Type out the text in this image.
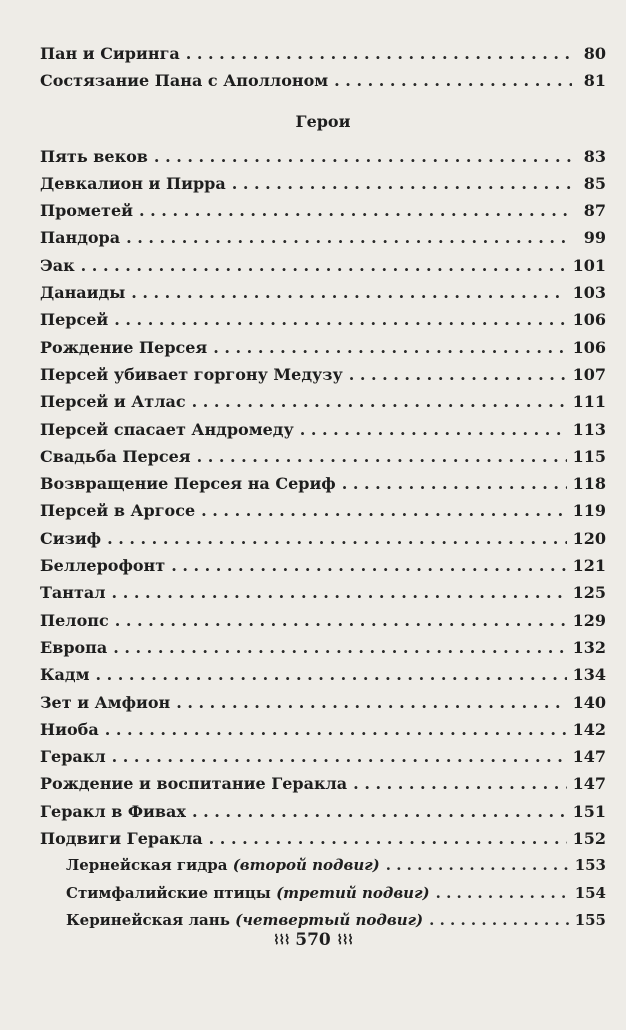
Пан и Сиринга . . .	80
Состязание Пана с Аполлоном . . .	81
Герои
Пять веков . . .	83
Девкалион и Пирра . . .	85
Прометей . . .	87
Пандора . . .	99
Эак . . .	101
Данаиды . . .	103
Персей . . .	106
Рождение Персея . . .	106
Персей убивает горгону Медузу . . .	107
Персей и Атлас . . .	111
Персей спасает Андромеду . . .	113
Свадьба Персея . . .	115
Возвращение Персея на Сериф . . .	118
Персей в Аргосе . . .	119
Сизиф . . .	120
Беллерофонт . . .	121
Тантал . . .	125
Пелопс . . .	129
Европа . . .	132
Кадм . . .	134
Зет и Амфион . . .	140
Ниоба . . .	142
Геракл . . .	147
Рождение и воспитание Геракла . . .	147
Геракл в Фивах . . .	151
Подвиги Геракла . . .	152
Лернейская гидра (второй подвиг) . . .	153
Стимфалийские птицы (третий подвиг) . . .	154
Керинейская лань (четвертый подвиг) . . .	155
⌇⌇⌇ 570 ⌇⌇⌇
